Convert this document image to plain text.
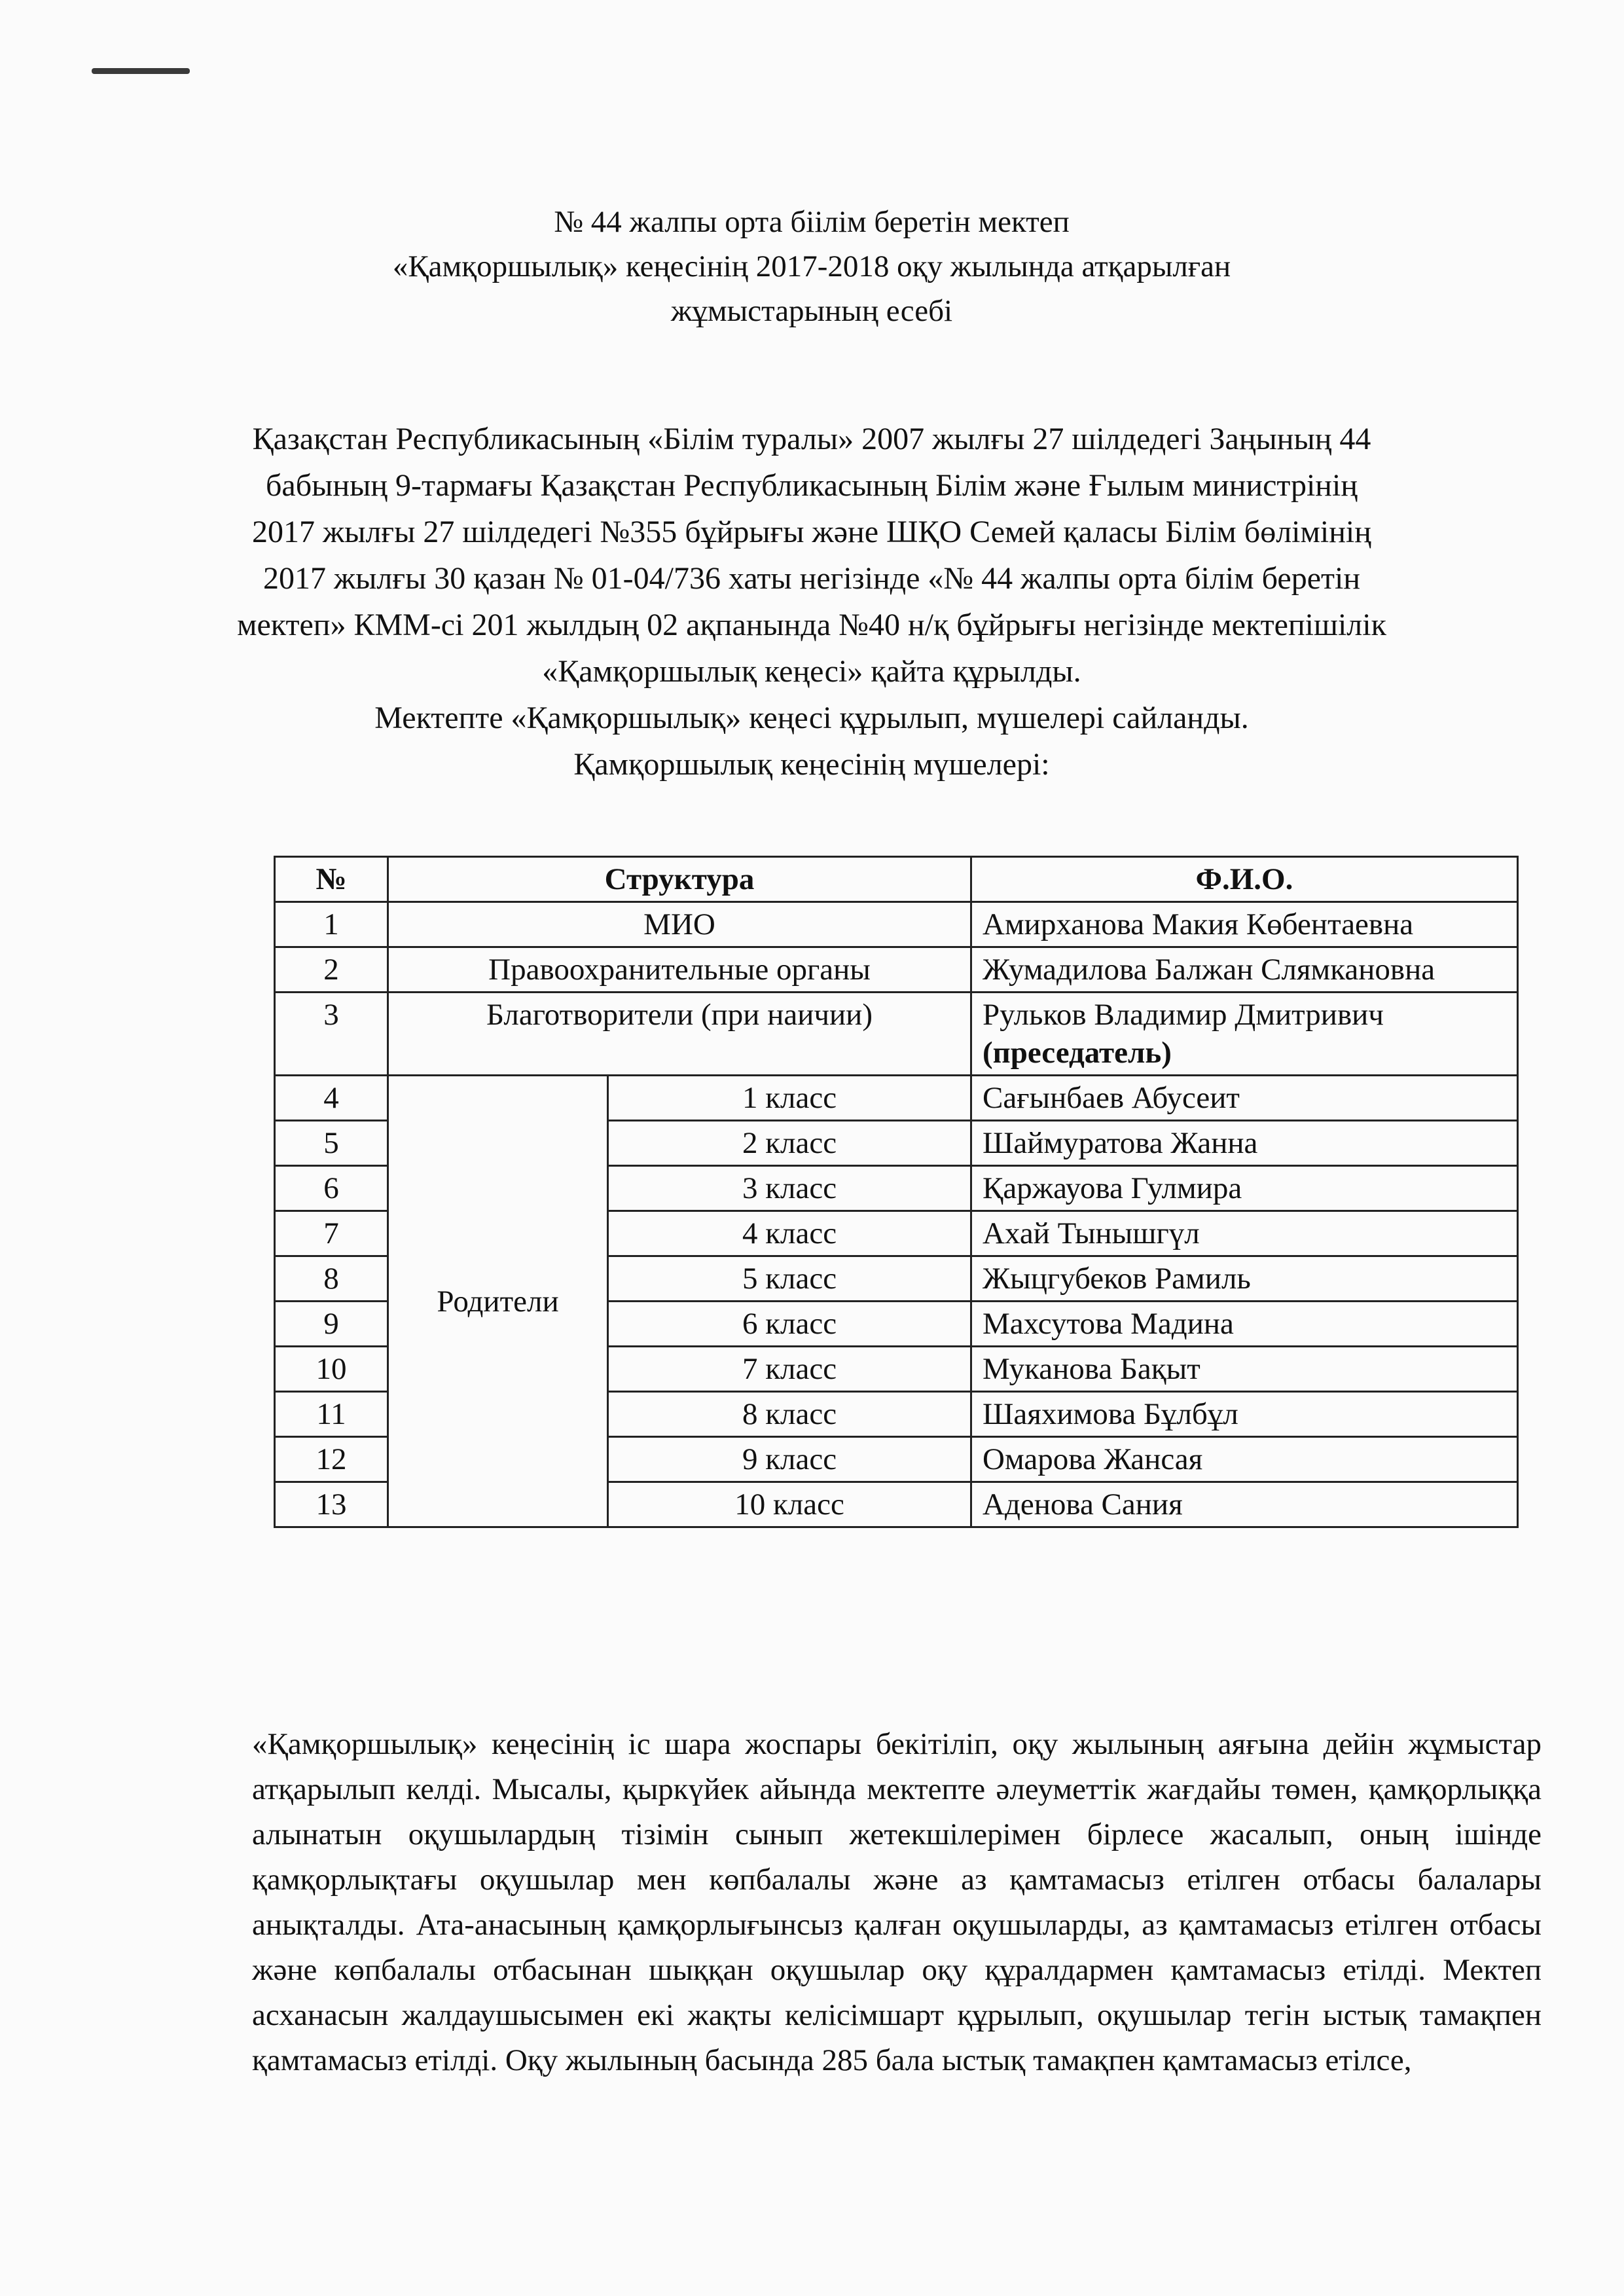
№ 44 жалпы орта біілім беретін мектеп
«Қамқоршылық» кеңесінің 2017-2018 оқу жылында атқарылған
жұмыстарының есебі

Қазақстан Республикасының «Білім туралы» 2007 жылғы 27 шілдедегі Заңының 44 бабының 9-тармағы Қазақстан Республикасының Білім және Ғылым министрінің 2017 жылғы 27 шілдедегі №355 бұйрығы және ШҚО Семей қаласы Білім бөлімінің 2017 жылғы 30 қазан № 01-04/736 хаты негізінде «№ 44 жалпы орта білім беретін мектеп» КММ-сі 201 жылдың 02 ақпанында №40 н/қ бұйрығы негізінде мектепішілік «Қамқоршылық кеңесі» қайта құрылды.

Мектепте «Қамқоршылық» кеңесі құрылып, мүшелері сайланды.

Қамқоршылық кеңесінің мүшелері:

№	Структура		Ф.И.О.
1	МИО		Амирханова Макия Көбентаевна
2	Правоохранительные органы		Жумадилова Балжан Слямкановна
3	Благотворители (при наичии)		Рульков Владимир Дмитривич
(преседатель)
4	Родители	1 класс	Сағынбаев Абусеит
5		2 класс	Шаймуратова Жанна
6		3 класс	Қаржауова Гулмира
7		4 класс	Ахай Тынышгүл
8		5 класс	Жыцгубеков Рамиль
9		6 класс	Махсутова Мадина
10		7 класс	Муканова Бақыт
11		8 класс	Шаяхимова Бұлбұл
12		9 класс	Омарова Жансая
13		10 класс	Аденова Сания

«Қамқоршылық» кеңесінің іс шара жоспары бекітіліп, оқу жылының аяғына дейін жұмыстар атқарылып келді. Мысалы, қыркүйек айында мектепте әлеуметтік жағдайы төмен, қамқорлыққа алынатын оқушылардың тізімін сынып жетекшілерімен бірлесе жасалып, оның ішінде қамқорлықтағы оқушылар мен көпбалалы және аз қамтамасыз етілген отбасы балалары анықталды. Ата-анасының қамқорлығынсыз қалған оқушыларды, аз қамтамасыз етілген отбасы және көпбалалы отбасынан шыққан оқушылар оқу құралдармен қамтамасыз етілді. Мектеп асханасын жалдаушысымен екі жақты келісімшарт құрылып, оқушылар тегін ыстық тамақпен қамтамасыз етілді. Оқу жылының басында 285 бала ыстық тамақпен қамтамасыз етілсе,
